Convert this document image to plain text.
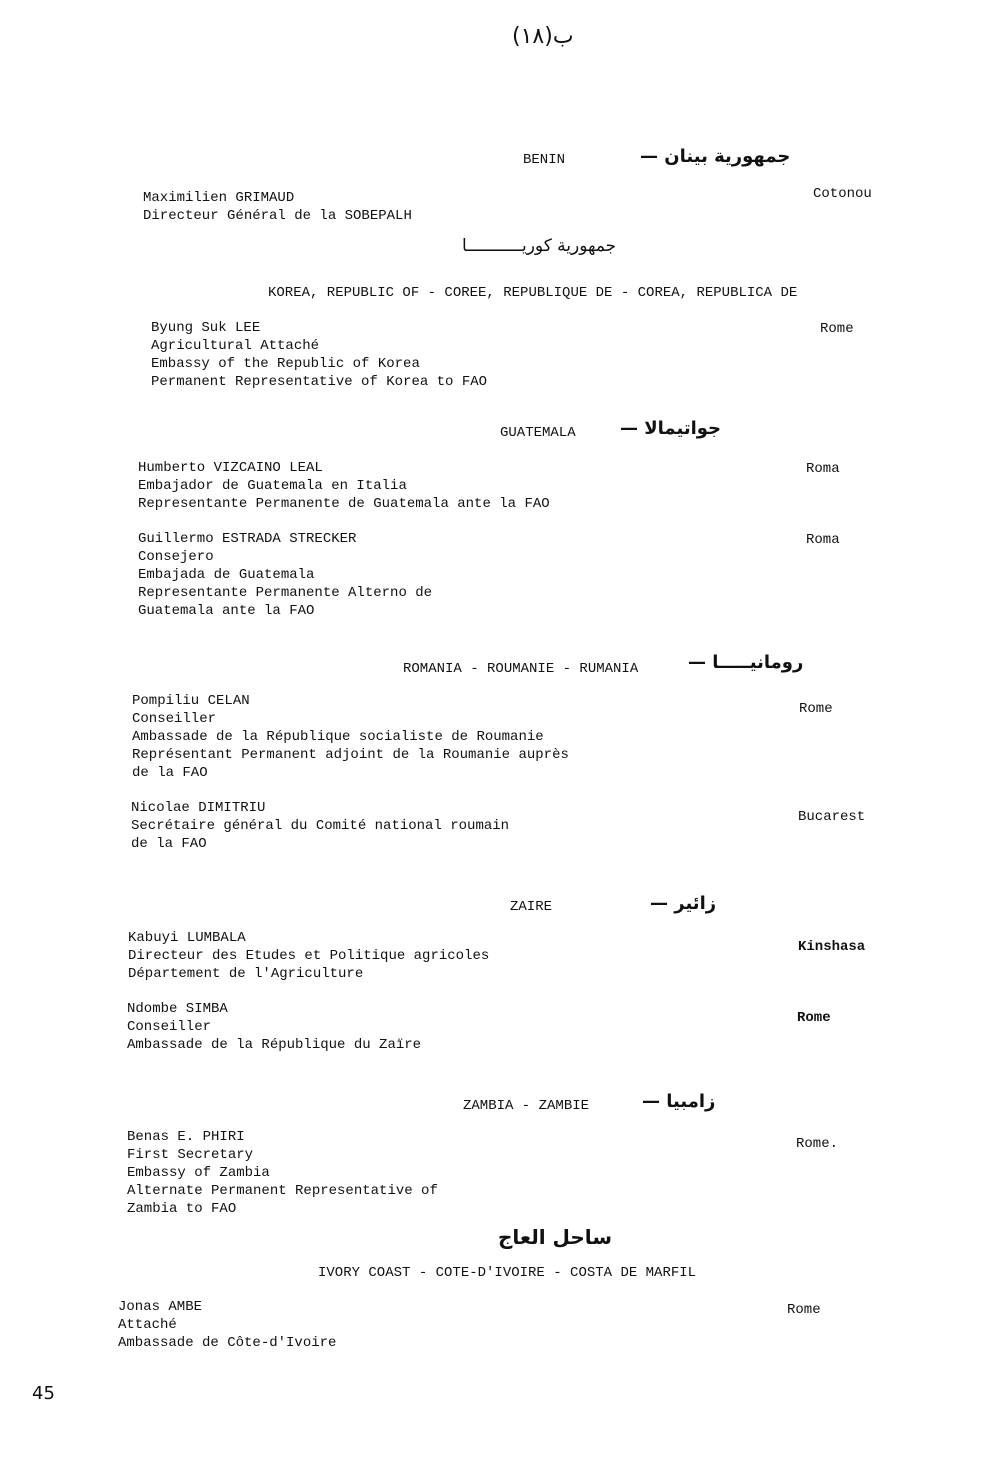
ب(١٨)
BENIN	جمهورية بينان —
Maximilien GRIMAUD
Directeur Général de la SOBEPALH
Cotonou
جمهورية كوريـــــــــــا
KOREA, REPUBLIC OF - COREE, REPUBLIQUE DE - COREA, REPUBLICA DE
Byung Suk LEE
Agricultural Attaché
Embassy of the Republic of Korea
Permanent Representative of Korea to FAO
Rome
GUATEMALA جواتيمالا —
Humberto VIZCAINO LEAL
Embajador de Guatemala en Italia
Representante Permanente de Guatemala ante la FAO
Roma
Guillermo ESTRADA STRECKER
Consejero
Embajada de Guatemala
Representante Permanente Alterno de
Guatemala ante la FAO
Roma
ROMANIA - ROUMANIE - RUMANIA	رومانيـــــا —
Pompiliu CELAN
Conseiller
Ambassade de la République socialiste de Roumanie
Représentant Permanent adjoint de la Roumanie auprès
de la FAO
Rome
Nicolae DIMITRIU
Secrétaire général du Comité national roumain
de la FAO
Bucarest
ZAIRE	زائير —
Kabuyi LUMBALA
Directeur des Etudes et Politique agricoles
Département de l'Agriculture
Kinshasa
Ndombe SIMBA
Conseiller
Ambassade de la République du Zaïre
Rome
ZAMBIA - ZAMBIE	زامبيا —
Benas E. PHIRI
First Secretary
Embassy of Zambia
Alternate Permanent Representative of
Zambia to FAO
Rome.
ساحل العاج
IVORY COAST - COTE-D'IVOIRE - COSTA DE MARFIL
Jonas AMBE
Attaché
Ambassade de Côte-d'Ivoire
Rome
45
